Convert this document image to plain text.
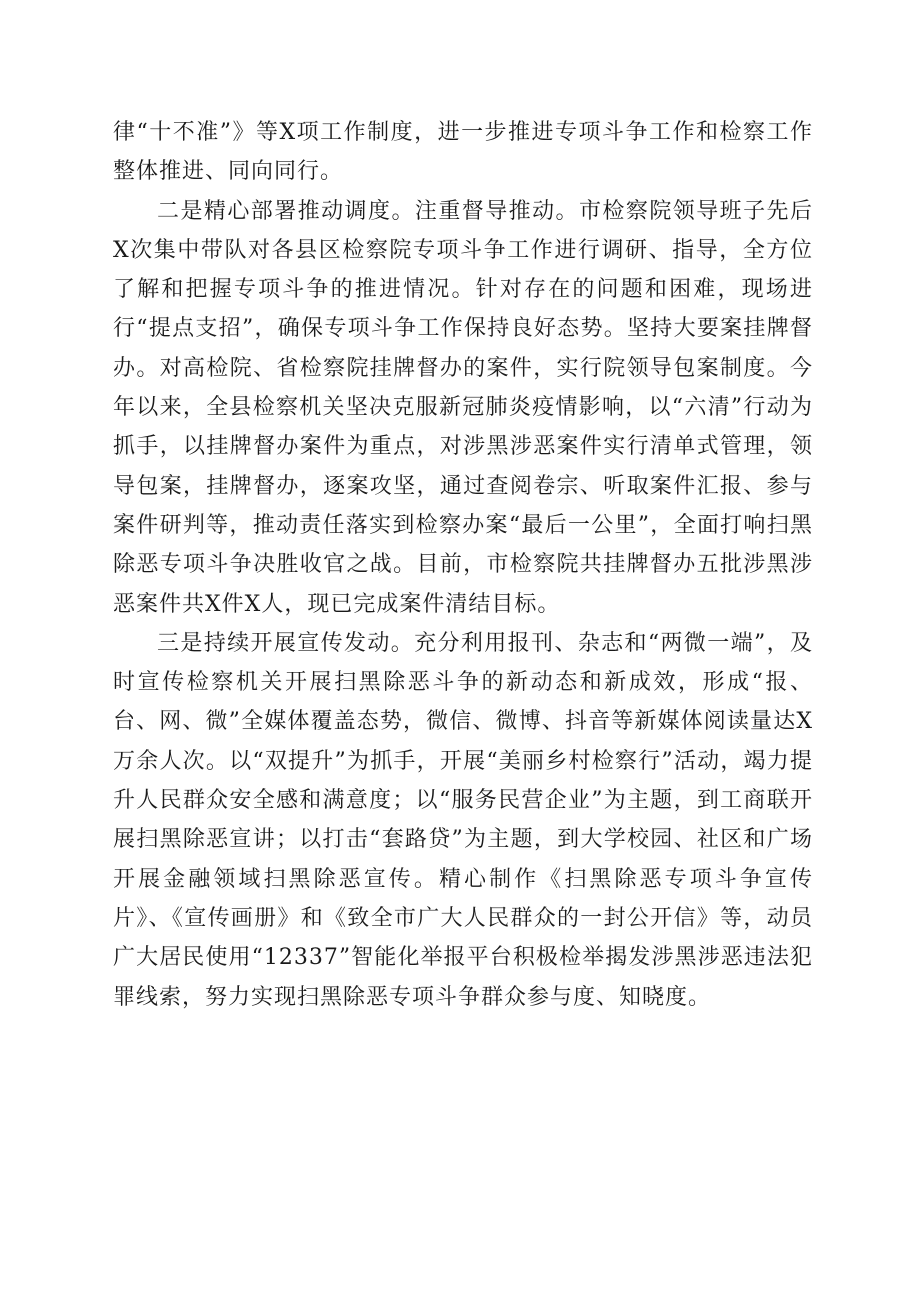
律“十不准”》等X项工作制度，进一步推进专项斗争工作和检察工作整体推进、同向同行。

二是精心部署推动调度。注重督导推动。市检察院领导班子先后X次集中带队对各县区检察院专项斗争工作进行调研、指导，全方位了解和把握专项斗争的推进情况。针对存在的问题和困难，现场进行“提点支招”，确保专项斗争工作保持良好态势。坚持大要案挂牌督办。对高检院、省检察院挂牌督办的案件，实行院领导包案制度。今年以来，全县检察机关坚决克服新冠肺炎疫情影响，以“六清”行动为抓手，以挂牌督办案件为重点，对涉黑涉恶案件实行清单式管理，领导包案，挂牌督办，逐案攻坚，通过查阅卷宗、听取案件汇报、参与案件研判等，推动责任落实到检察办案“最后一公里”，全面打响扫黑除恶专项斗争决胜收官之战。目前，市检察院共挂牌督办五批涉黑涉恶案件共X件X人，现已完成案件清结目标。

三是持续开展宣传发动。充分利用报刊、杂志和“两微一端”，及时宣传检察机关开展扫黑除恶斗争的新动态和新成效，形成“报、台、网、微”全媒体覆盖态势，微信、微博、抖音等新媒体阅读量达X万余人次。以“双提升”为抓手，开展“美丽乡村检察行”活动，竭力提升人民群众安全感和满意度；以“服务民营企业”为主题，到工商联开展扫黑除恶宣讲；以打击“套路贷”为主题，到大学校园、社区和广场开展金融领域扫黑除恶宣传。精心制作《扫黑除恶专项斗争宣传片》、《宣传画册》和《致全市广大人民群众的一封公开信》等，动员广大居民使用“12337”智能化举报平台积极检举揭发涉黑涉恶违法犯罪线索，努力实现扫黑除恶专项斗争群众参与度、知晓度。
